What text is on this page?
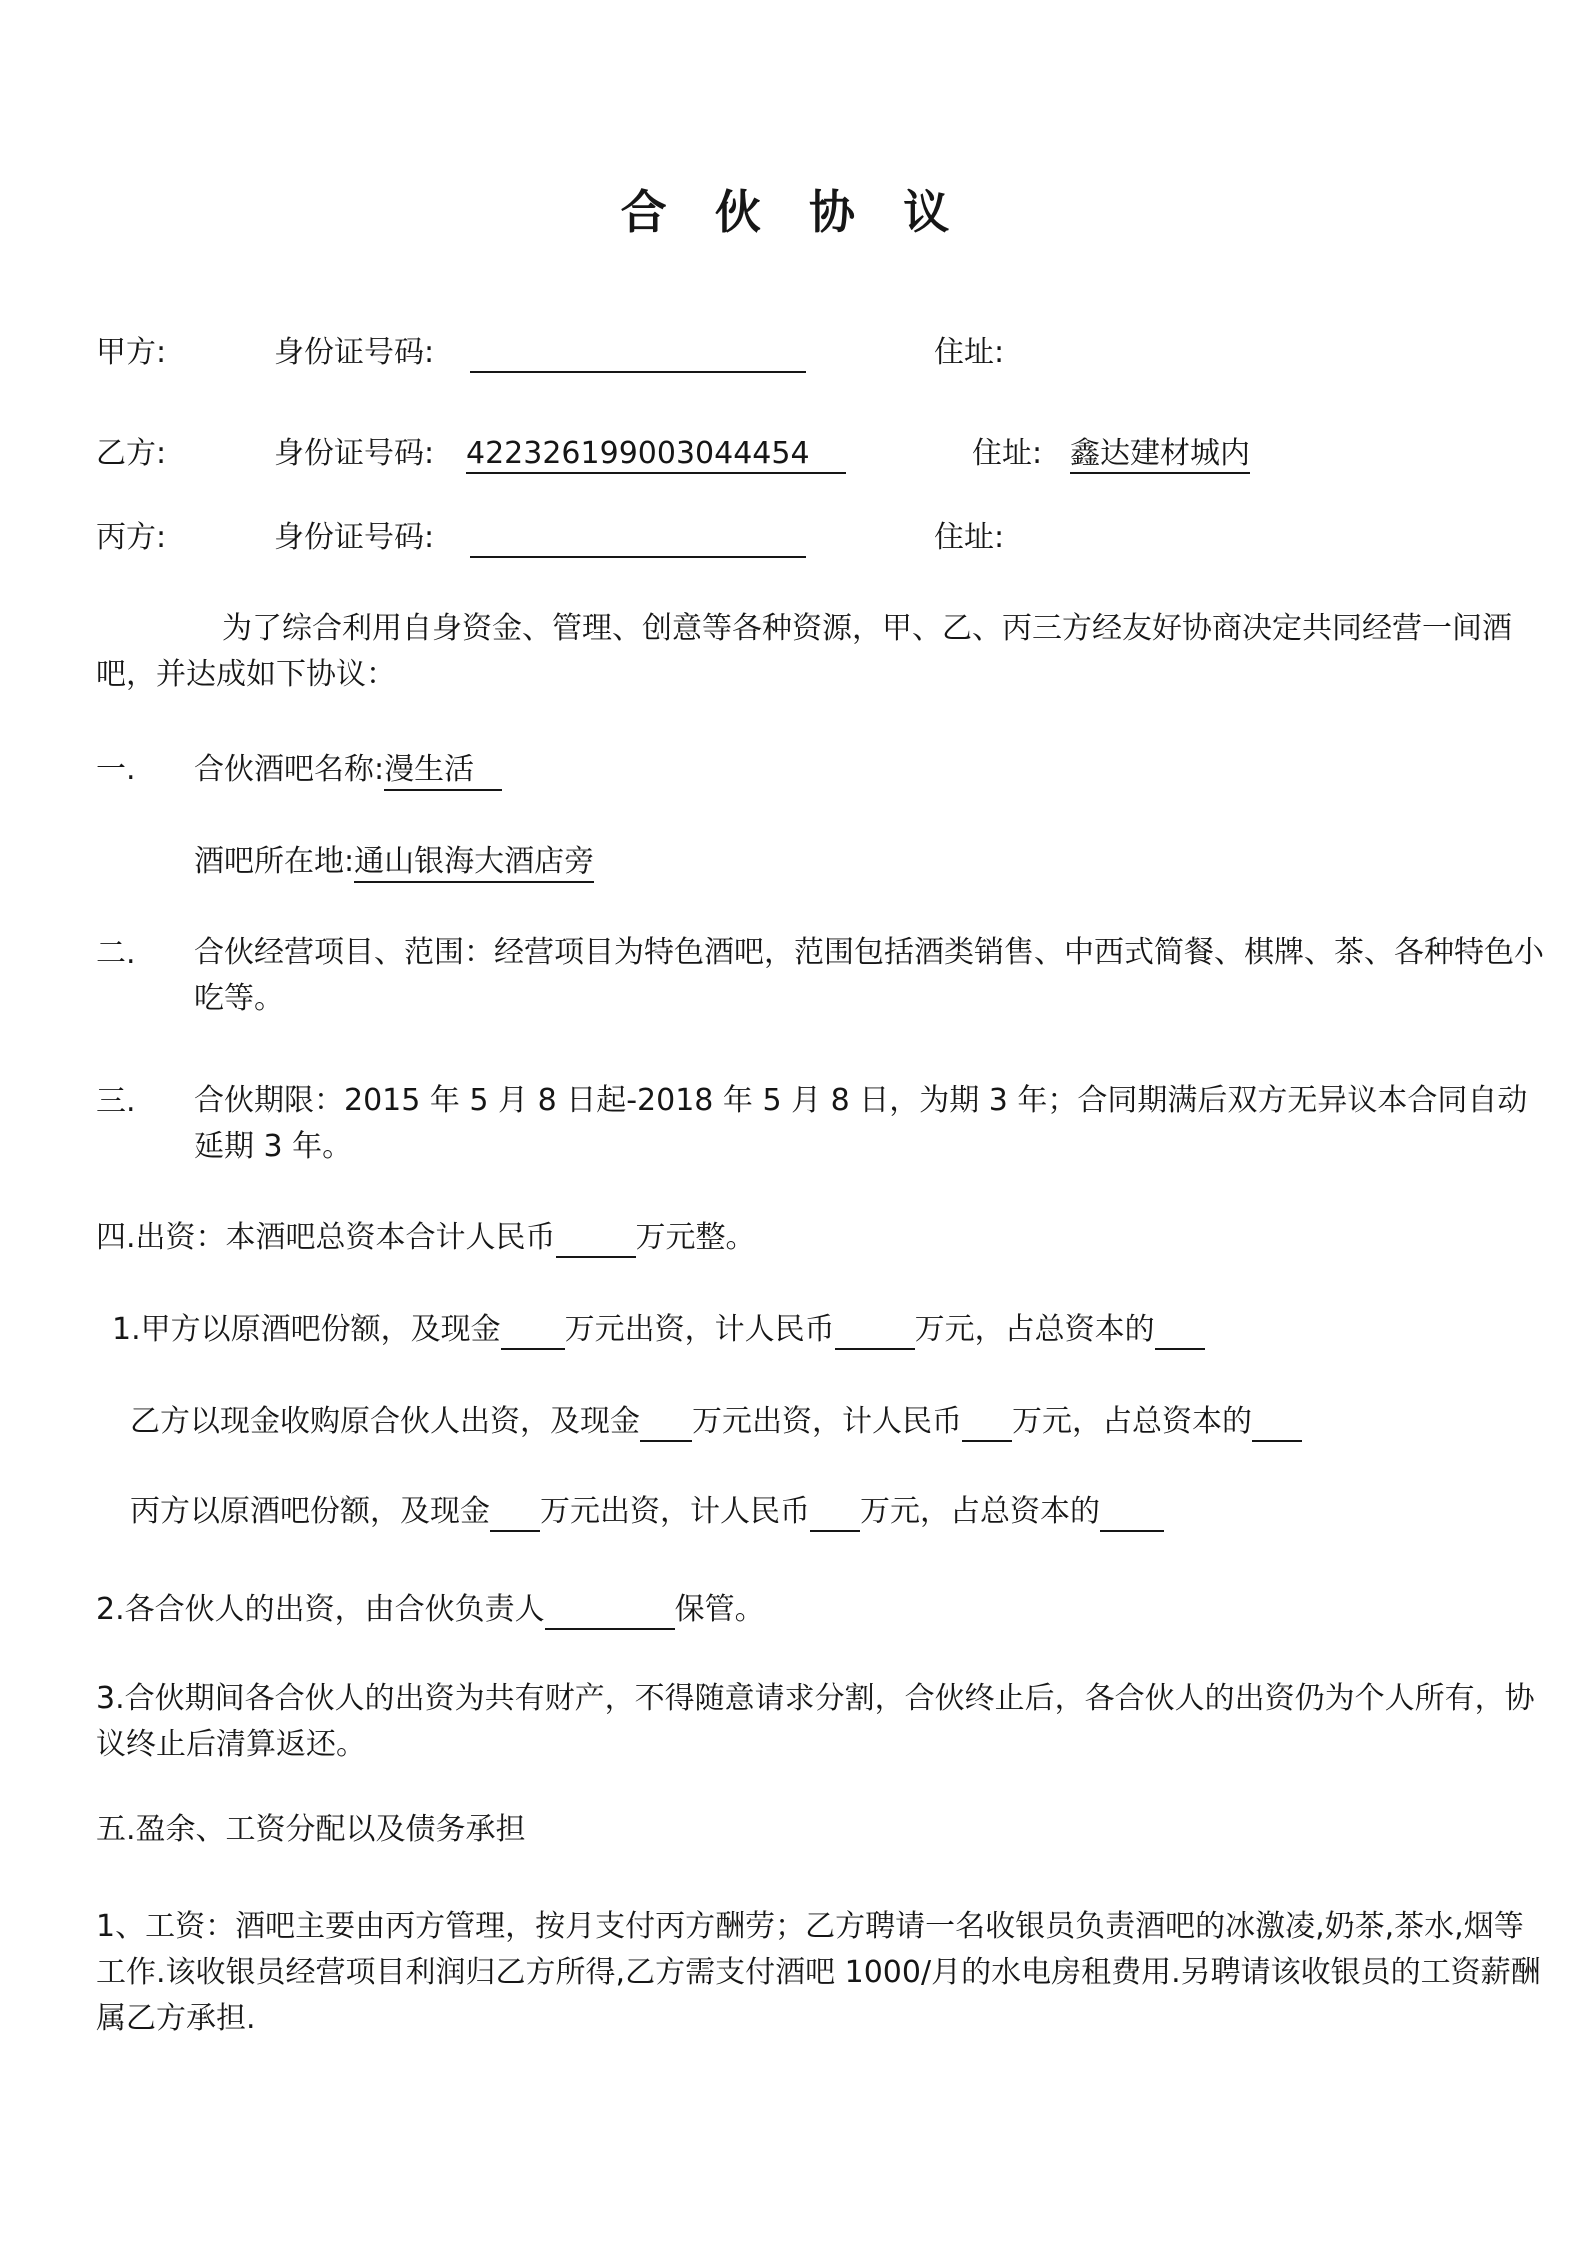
合 伙 协 议
甲方:	身份证号码:	住址:
乙方:	身份证号码: 422326199003044454	住址: 鑫达建材城内
丙方:	身份证号码:	住址:
为了综合利用自身资金、管理、创意等各种资源，甲、乙、丙三方经友好协商决定共同经营一间酒吧，并达成如下协议：
一. 合伙酒吧名称:漫生活
酒吧所在地:通山银海大酒店旁
二. 合伙经营项目、范围：经营项目为特色酒吧，范围包括酒类销售、中西式简餐、棋牌、茶、各种特色小吃等。
三. 合伙期限：2015 年 5 月 8 日起-2018 年 5 月 8 日，为期 3 年；合同期满后双方无异议本合同自动延期 3 年。
四.出资：本酒吧总资本合计人民币	万元整。
1.甲方以原酒吧份额，及现金 万元出资，计人民币	万元，占总资本的
乙方以现金收购原合伙人出资，及现金 万元出资，计人民币 万元，占总资本的
丙方以原酒吧份额，及现金 万元出资，计人民币 万元，占总资本的
2.各合伙人的出资，由合伙负责人	保管。
3.合伙期间各合伙人的出资为共有财产，不得随意请求分割，合伙终止后，各合伙人的出资仍为个人所有，协议终止后清算返还。
五.盈余、工资分配以及债务承担
1、工资：酒吧主要由丙方管理，按月支付丙方酬劳；乙方聘请一名收银员负责酒吧的冰激凌,奶茶,茶水,烟等工作.该收银员经营项目利润归乙方所得,乙方需支付酒吧 1000/月的水电房租费用.另聘请该收银员的工资薪酬属乙方承担.
